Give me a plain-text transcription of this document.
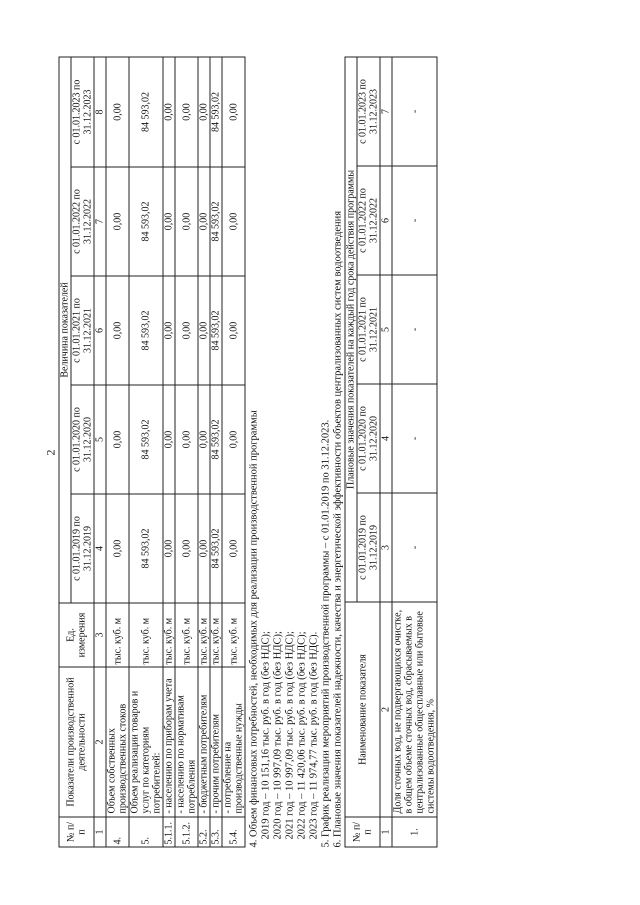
2
№ п/п	Показатели производственной деятельности	Ед. измерения	Величина показателей				
			с 01.01.2019 по 31.12.2019	с 01.01.2020 по 31.12.2020	с 01.01.2021 по 31.12.2021	с 01.01.2022 по 31.12.2022	с 01.01.2023 по 31.12.2023
1	2	3	4	5	6	7	8
4.	Объем собственных производственных стоков	тыс. куб. м	0,00	0,00	0,00	0,00	0,00
5.	Объем реализации товаров и услуг по категориям потребителей:	тыс. куб. м	84 593,02	84 593,02	84 593,02	84 593,02	84 593,02
5.1.1.	- населению по приборам учета	тыс. куб. м	0,00	0,00	0,00	0,00	0,00
5.1.2.	- населению по нормативам потребления	тыс. куб. м	0,00	0,00	0,00	0,00	0,00
5.2.	- бюджетным потребителям	тыс. куб. м	0,00	0,00	0,00	0,00	0,00
5.3.	- прочим потребителям	тыс. куб. м	84 593,02	84 593,02	84 593,02	84 593,02	84 593,02
5.4.	- потребление на производственные нужды	тыс. куб. м	0,00	0,00	0,00	0,00	0,00
4. Объем финансовых потребностей, необходимых для реализации производственной программы 2019 год – 10 151,16 тыс. руб. в год (без НДС); 2020 год – 10 997,09 тыс. руб. в год (без НДС); 2021 год – 10 997,09 тыс. руб. в год (без НДС); 2022 год – 11 420,06 тыс. руб. в год (без НДС); 2023 год – 11 974,77 тыс. руб. в год (без НДС). 5. График реализации мероприятий производственной программы – с 01.01.2019 по 31.12.2023. 6. Плановые значения показателей надежности, качества и энергетической эффективности объектов централизованных систем водоотведения № п/п	Наименование показателя	Плановые значения показателей на каждый год срока действия программы				
		с 01.01.2019 по 31.12.2019	с 01.01.2020 по 31.12.2020	с 01.01.2021 по 31.12.2021	с 01.01.2022 по 31.12.2022	с 01.01.2023 по 31.12.2023
1	2	3	4	5	6	7
1.	Доля сточных вод, не подвергающихся очистке, в общем объеме сточных вод, сбрасываемых в централизованные общесплавные или бытовые системы водоотведения, %	-	-	-	-	-
